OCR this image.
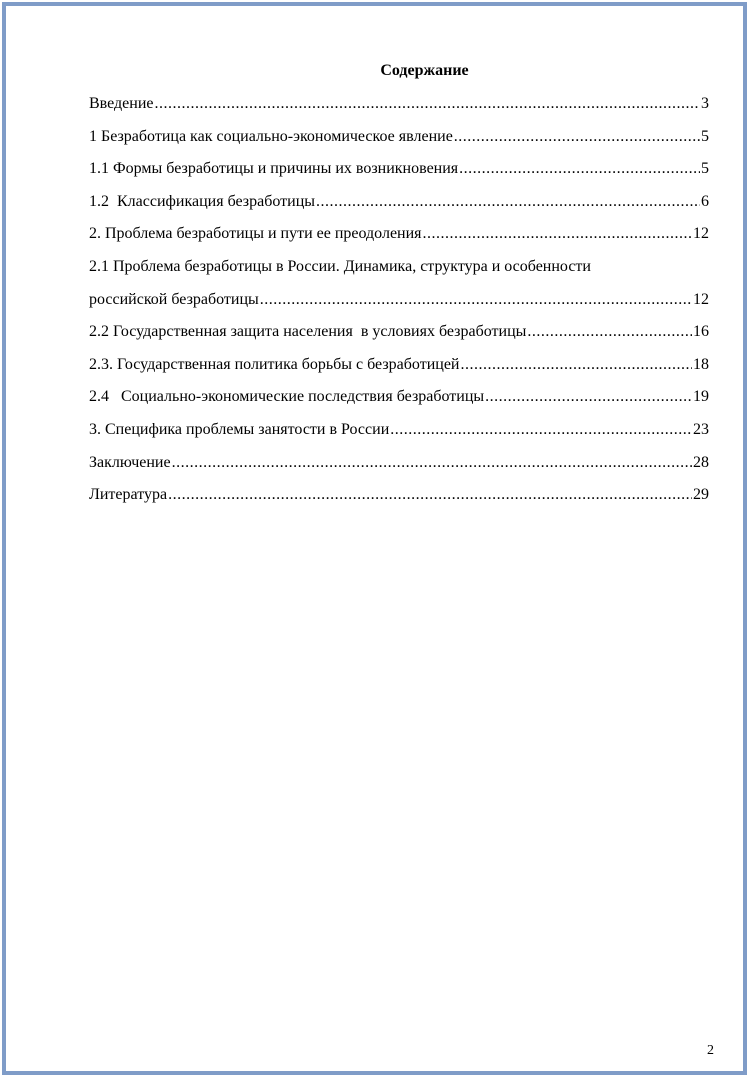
Содержание
Введение .....	3
1 Безработица как социально-экономическое явление .....	5
1.1 Формы безработицы и причины их возникновения .....	5
1.2  Классификация безработицы .....	6
2. Проблема безработицы и пути ее преодоления .....	12
2.1 Проблема безработицы в России. Динамика, структура и особенности
российской безработицы .....	12
2.2 Государственная защита населения  в условиях безработицы .....	16
2.3. Государственная политика борьбы с безработицей .....	18
2.4   Социально-экономические последствия безработицы .....	19
3. Специфика проблемы занятости в России .....	23
Заключение .....	28
Литература .....	29
2
